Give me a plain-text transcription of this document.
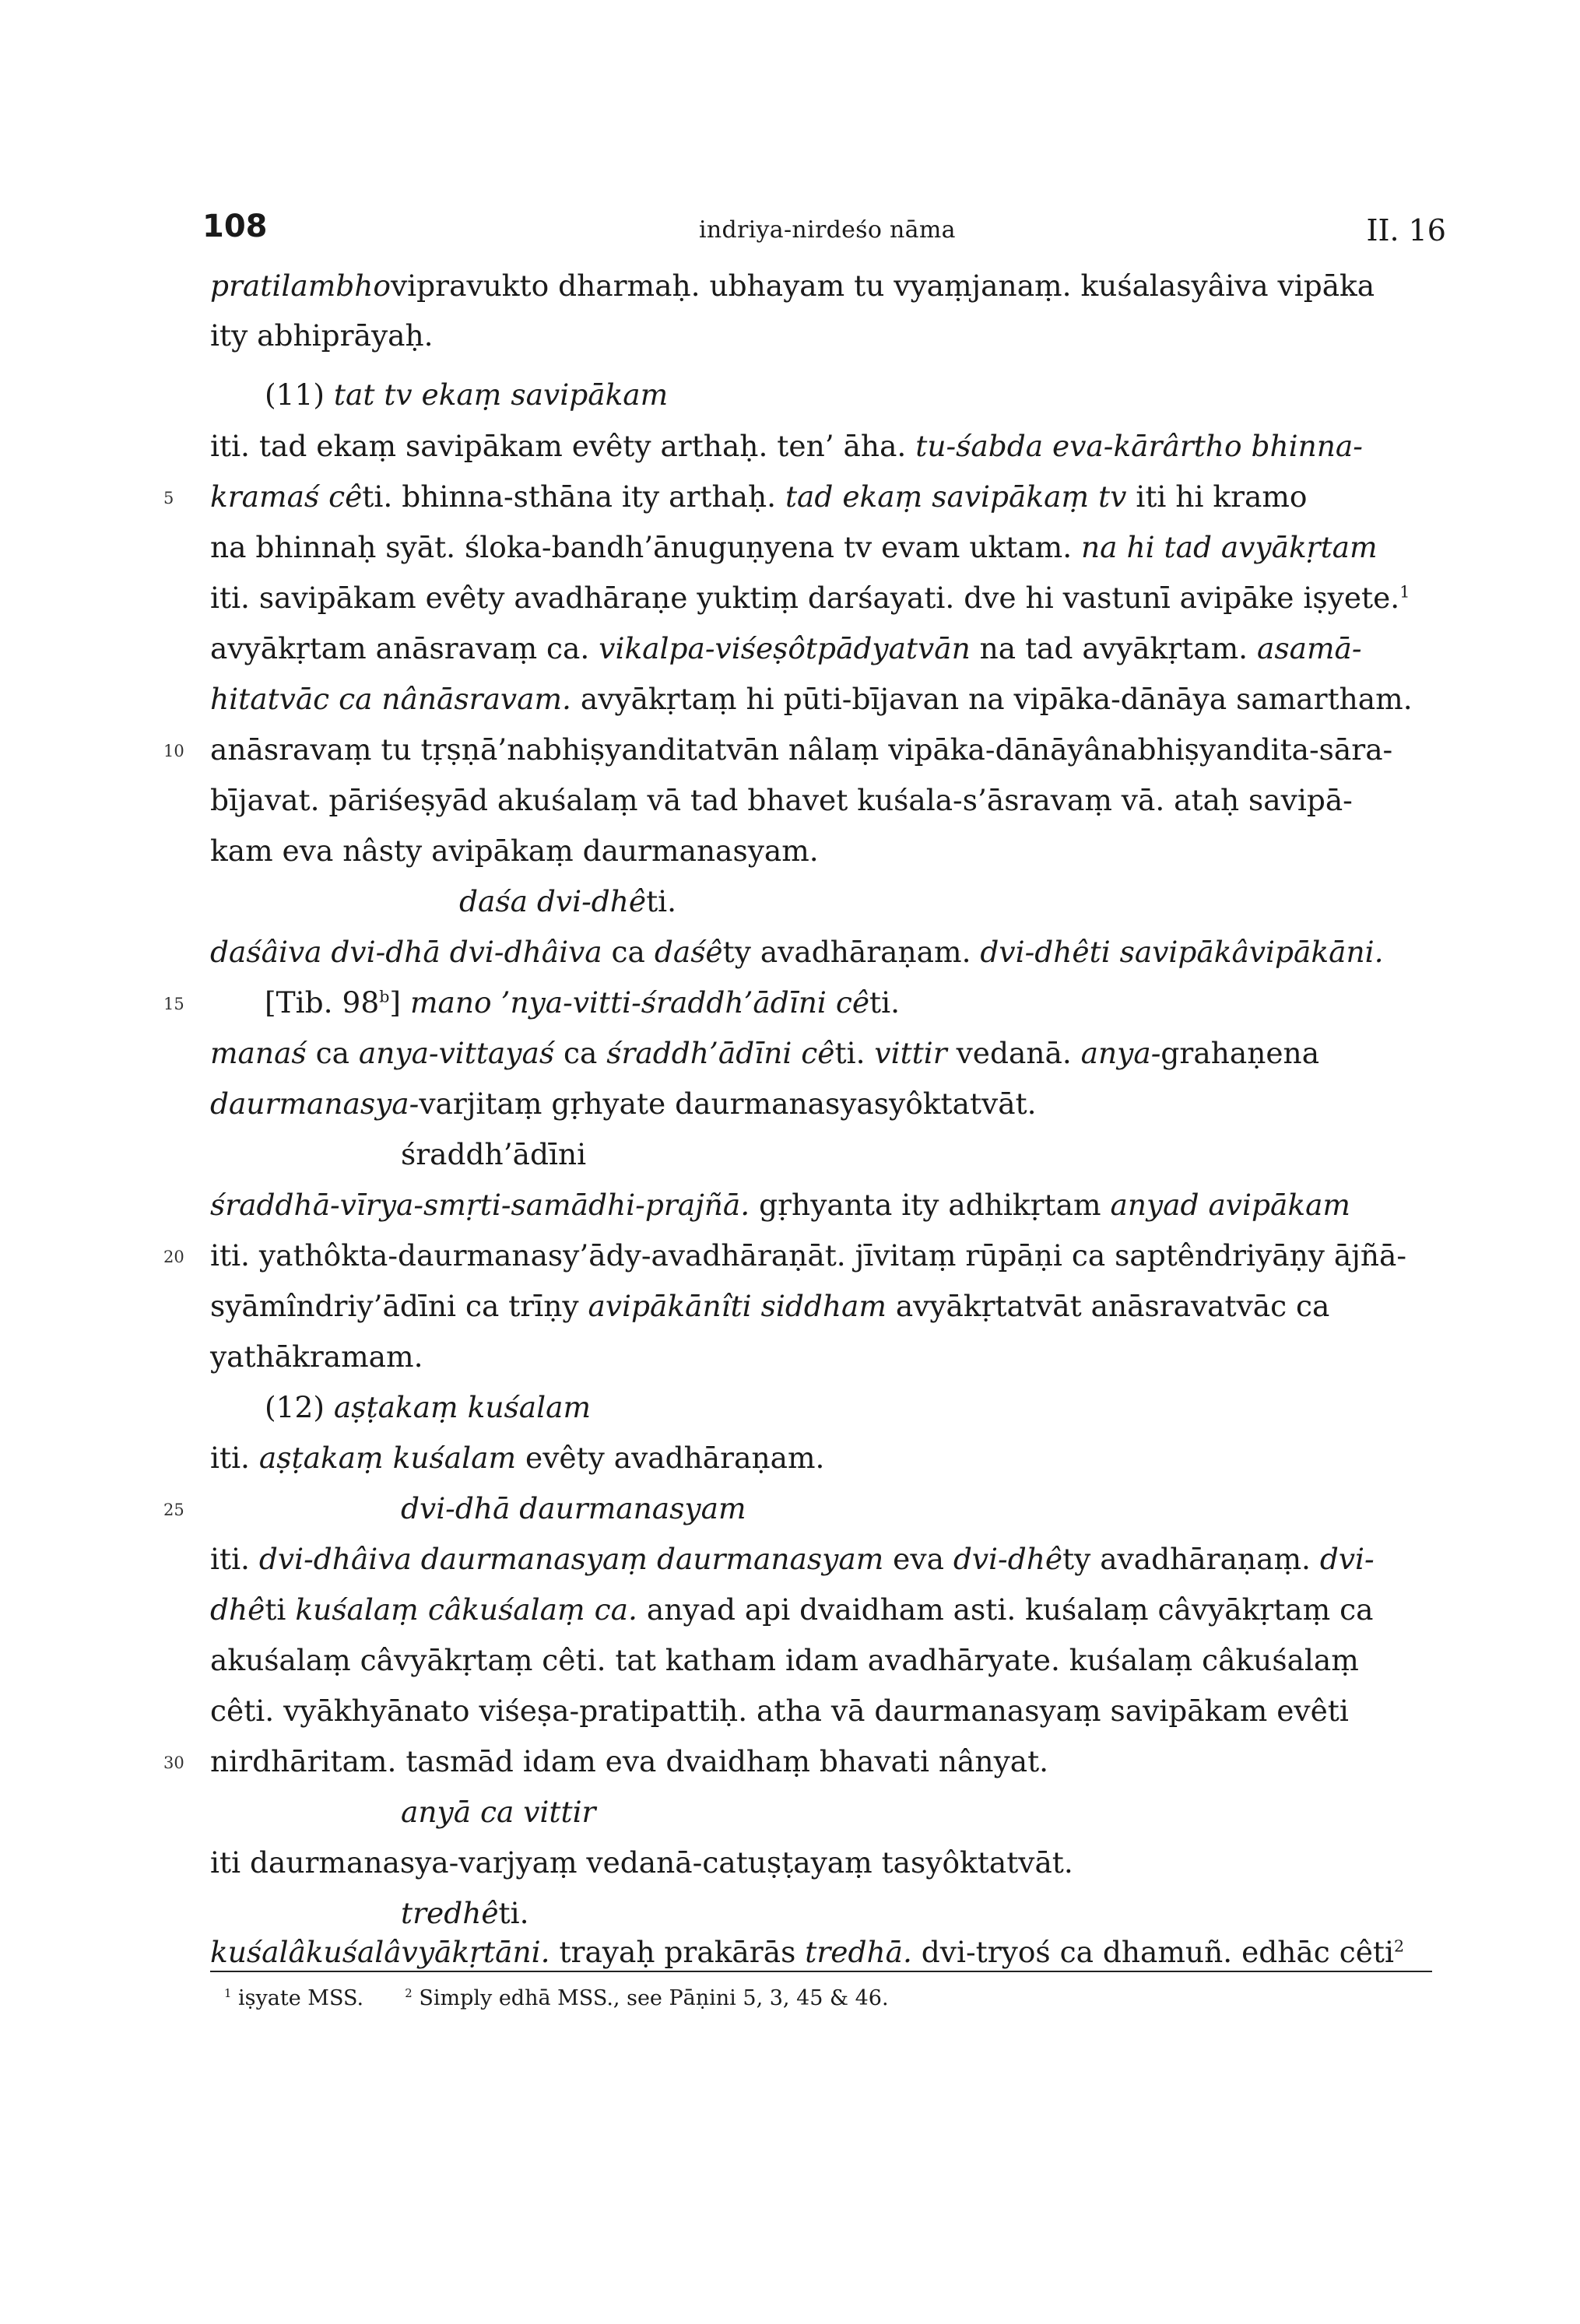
108	indriya-nirdeśo nāma	II. 16
pratilambhovipravukto dharmaḥ. ubhayam tu vyaṃjanaṃ. kuśalasyâiva vipāka
ity abhiprāyaḥ.
(11) tat tv ekaṃ savipākam
iti. tad ekaṃ savipākam evêty arthaḥ. ten’ āha. tu-śabda eva-kārârtho bhinna-
kramaś cêti. bhinna-sthāna ity arthaḥ. tad ekaṃ savipākaṃ tv iti hi kramo
5
na bhinnaḥ syāt. śloka-bandh’ānuguṇyena tv evam uktam. na hi tad avyākṛtam
iti. savipākam evêty avadhāraṇe yuktiṃ darśayati. dve hi vastunī avipāke iṣyete.$^1$
avyākṛtam anāsravaṃ ca. vikalpa-viśeṣôtpādyatvān na tad avyākṛtam. asamā-
hitatvāc ca nânāsravam. avyākṛtaṃ hi pūti-bījavan na vipāka-dānāya samartham.
anāsravaṃ tu tṛṣṇā’nabhiṣyanditatvān nâlaṃ vipāka-dānāyânabhiṣyandita-sāra-
10
bījavat. pāriśeṣyād akuśalaṃ vā tad bhavet kuśala-s’āsravaṃ vā. ataḥ savipā-
kam eva nâsty avipākaṃ daurmanasyam.
daśa dvi-dhêti.
daśâiva dvi-dhā dvi-dhâiva ca daśêty avadhāraṇam. dvi-dhêti savipākâvipākāni.
[Tib. 98$^b$] mano ’nya-vitti-śraddh’ādīni cêti.
15
manaś ca anya-vittayaś ca śraddh’ādīni cêti. vittir vedanā. anya-grahaṇena
daurmanasya-varjitaṃ gṛhyate daurmanasyasyôktatvāt.
śraddh’ādīni
śraddhā-vīrya-smṛti-samādhi-prajñā. gṛhyanta ity adhikṛtam anyad avipākam
iti. yathôkta-daurmanasy’ādy-avadhāraṇāt. jīvitaṃ rūpāṇi ca saptêndriyāṇy ājñā-
20
syāmîndriy’ādīni ca trīṇy avipākānîti siddham avyākṛtatvāt anāsravatvāc ca
yathākramam.
(12) aṣṭakaṃ kuśalam
iti. aṣṭakaṃ kuśalam evêty avadhāraṇam.
dvi-dhā daurmanasyam
25
iti. dvi-dhâiva daurmanasyaṃ daurmanasyam eva dvi-dhêty avadhāraṇaṃ. dvi-
dhêti kuśalaṃ câkuśalaṃ ca. anyad api dvaidham asti. kuśalaṃ câvyākṛtaṃ ca
akuśalaṃ câvyākṛtaṃ cêti. tat katham idam avadhāryate. kuśalaṃ câkuśalaṃ
cêti. vyākhyānato viśeṣa-pratipattiḥ. atha vā daurmanasyaṃ savipākam evêti
nirdhāritam. tasmād idam eva dvaidhaṃ bhavati nânyat.
30
anyā ca vittir
iti daurmanasya-varjyaṃ vedanā-catuṣṭayaṃ tasyôktatvāt.
tredhêti.
kuśalâkuśalâvyākṛtāni. trayaḥ prakārās tredhā. dvi-tryoś ca dhamuñ. edhāc cêti$^2$
$^1$ iṣyate MSS.	$^2$ Simply edhā MSS., see Pāṇini 5, 3, 45 & 46.
